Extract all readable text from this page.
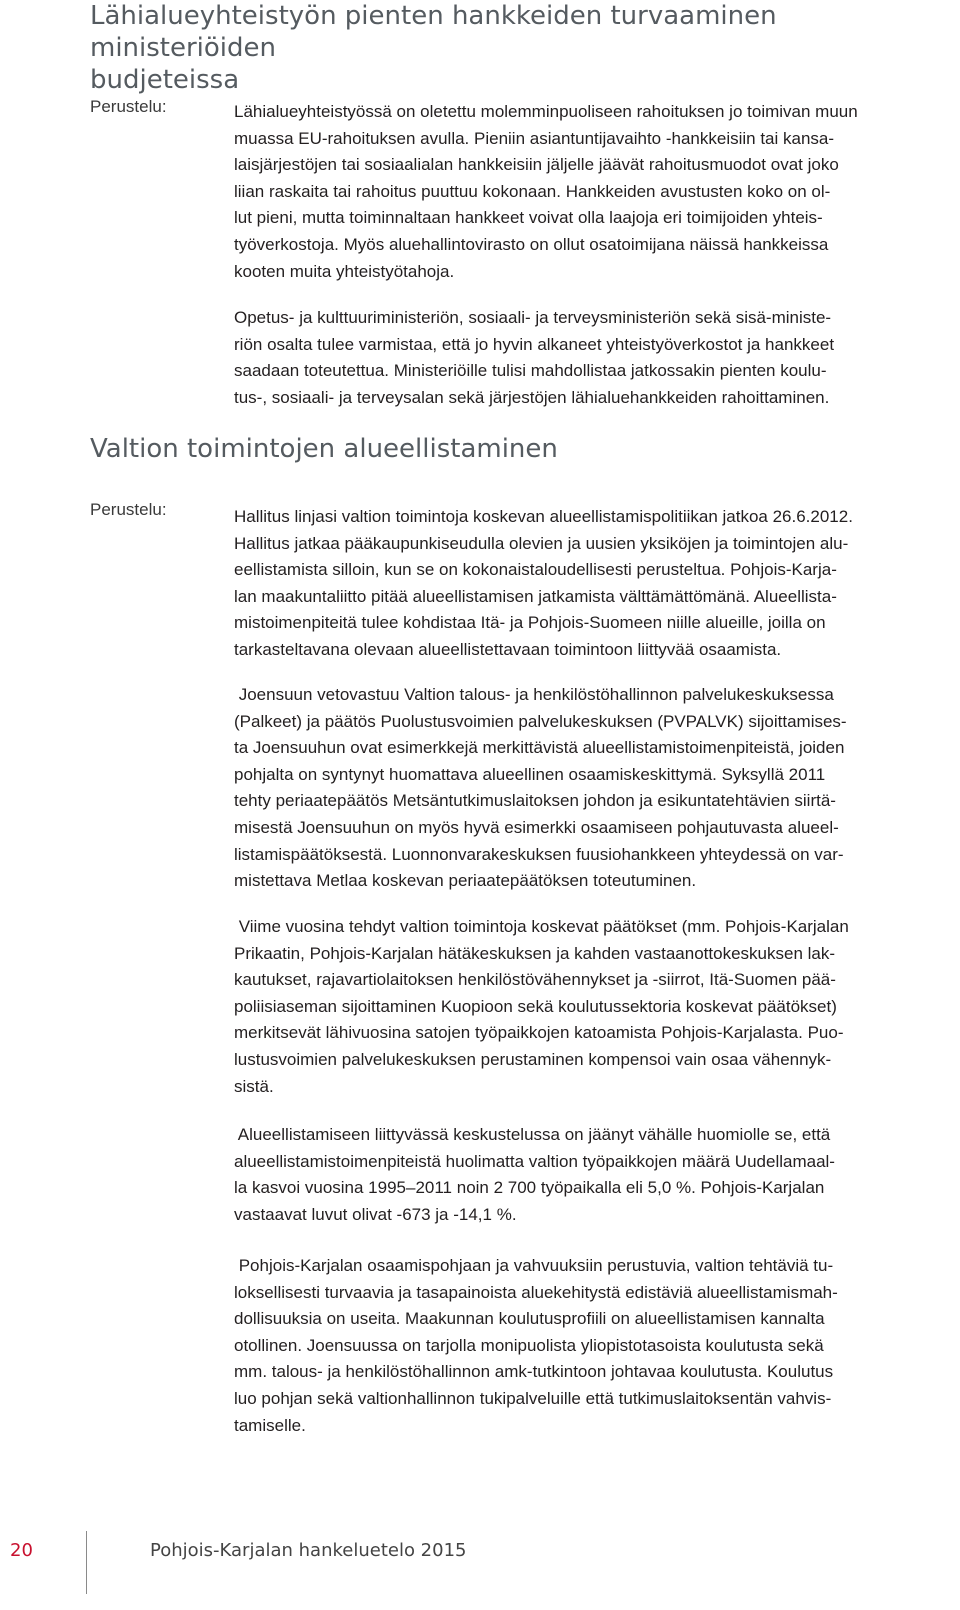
Lähialueyhteistyön pienten hankkeiden turvaaminen ministeriöiden
budjeteissa
Perustelu:	Lähialueyhteistyössä on oletettu molemminpuoliseen rahoituksen jo toimivan muun
muassa EU-rahoituksen avulla. Pieniin asiantuntijavaihto -hankkeisiin tai kansa-
laisjärjestöjen tai sosiaalialan hankkeisiin jäljelle jäävät rahoitusmuodot ovat joko
liian raskaita tai rahoitus puuttuu kokonaan. Hankkeiden avustusten koko on ol-
lut pieni, mutta toiminnaltaan hankkeet voivat olla laajoja eri toimijoiden yhteis-
työverkostoja. Myös aluehallintovirasto on ollut osatoimijana näissä hankkeissa
kooten muita yhteistyötahoja.
Opetus- ja kulttuuriministeriön, sosiaali- ja terveysministeriön sekä sisä-ministe-
riön osalta tulee varmistaa, että jo hyvin alkaneet yhteistyöverkostot ja hankkeet
saadaan toteutettua. Ministeriöille tulisi mahdollistaa jatkossakin pienten koulu-
tus-, sosiaali- ja terveysalan sekä järjestöjen lähialuehankkeiden rahoittaminen.
Valtion toimintojen alueellistaminen
Perustelu:	Hallitus linjasi valtion toimintoja koskevan alueellistamispolitiikan jatkoa 26.6.2012.
Hallitus jatkaa pääkaupunkiseudulla olevien ja uusien yksiköjen ja toimintojen alu-
eellistamista silloin, kun se on kokonaistaloudellisesti perusteltua. Pohjois-Karja-
lan maakuntaliitto pitää alueellistamisen jatkamista välttämättömänä. Alueellista-
mistoimenpiteitä tulee kohdistaa Itä- ja Pohjois-Suomeen niille alueille, joilla on
tarkasteltavana olevaan alueellistettavaan toimintoon liittyvää osaamista.
Joensuun vetovastuu Valtion talous- ja henkilöstöhallinnon palvelukeskuksessa
(Palkeet) ja päätös Puolustusvoimien palvelukeskuksen (PVPALVK) sijoittamises-
ta Joensuuhun ovat esimerkkejä merkittävistä alueellistamistoimenpiteistä, joiden
pohjalta on syntynyt huomattava alueellinen osaamiskeskittymä. Syksyllä 2011
tehty periaatepäätös Metsäntutkimuslaitoksen johdon ja esikuntatehtävien siirtä-
misestä Joensuuhun on myös hyvä esimerkki osaamiseen pohjautuvasta alueel-
listamispäätöksestä. Luonnonvarakeskuksen fuusiohankkeen yhteydessä on var-
mistettava Metlaa koskevan periaatepäätöksen toteutuminen.
Viime vuosina tehdyt valtion toimintoja koskevat päätökset (mm. Pohjois-Karjalan
Prikaatin, Pohjois-Karjalan hätäkeskuksen ja kahden vastaanottokeskuksen lak-
kautukset, rajavartiolaitoksen henkilöstövähennykset ja -siirrot, Itä-Suomen pää-
poliisiaseman sijoittaminen Kuopioon sekä koulutussektoria koskevat päätökset)
merkitsevät lähivuosina satojen työpaikkojen katoamista Pohjois-Karjalasta. Puo-
lustusvoimien palvelukeskuksen perustaminen kompensoi vain osaa vähennyk-
sistä.
Alueellistamiseen liittyvässä keskustelussa on jäänyt vähälle huomiolle se, että
alueellistamistoimenpiteistä huolimatta valtion työpaikkojen määrä Uudellamaal-
la kasvoi vuosina 1995–2011 noin 2 700 työpaikalla eli 5,0 %. Pohjois-Karjalan
vastaavat luvut olivat -673 ja -14,1 %.
Pohjois-Karjalan osaamispohjaan ja vahvuuksiin perustuvia, valtion tehtäviä tu-
loksellisesti turvaavia ja tasapainoista aluekehitystä edistäviä alueellistamismah-
dollisuuksia on useita. Maakunnan koulutusprofiili on alueellistamisen kannalta
otollinen. Joensuussa on tarjolla monipuolista yliopistotasoista koulutusta sekä
mm. talous- ja henkilöstöhallinnon amk-tutkintoon johtavaa koulutusta. Koulutus
luo pohjan sekä valtionhallinnon tukipalveluille että tutkimuslaitoksentän vahvis-
tamiselle.
20	Pohjois-Karjalan hankeluetelo 2015
